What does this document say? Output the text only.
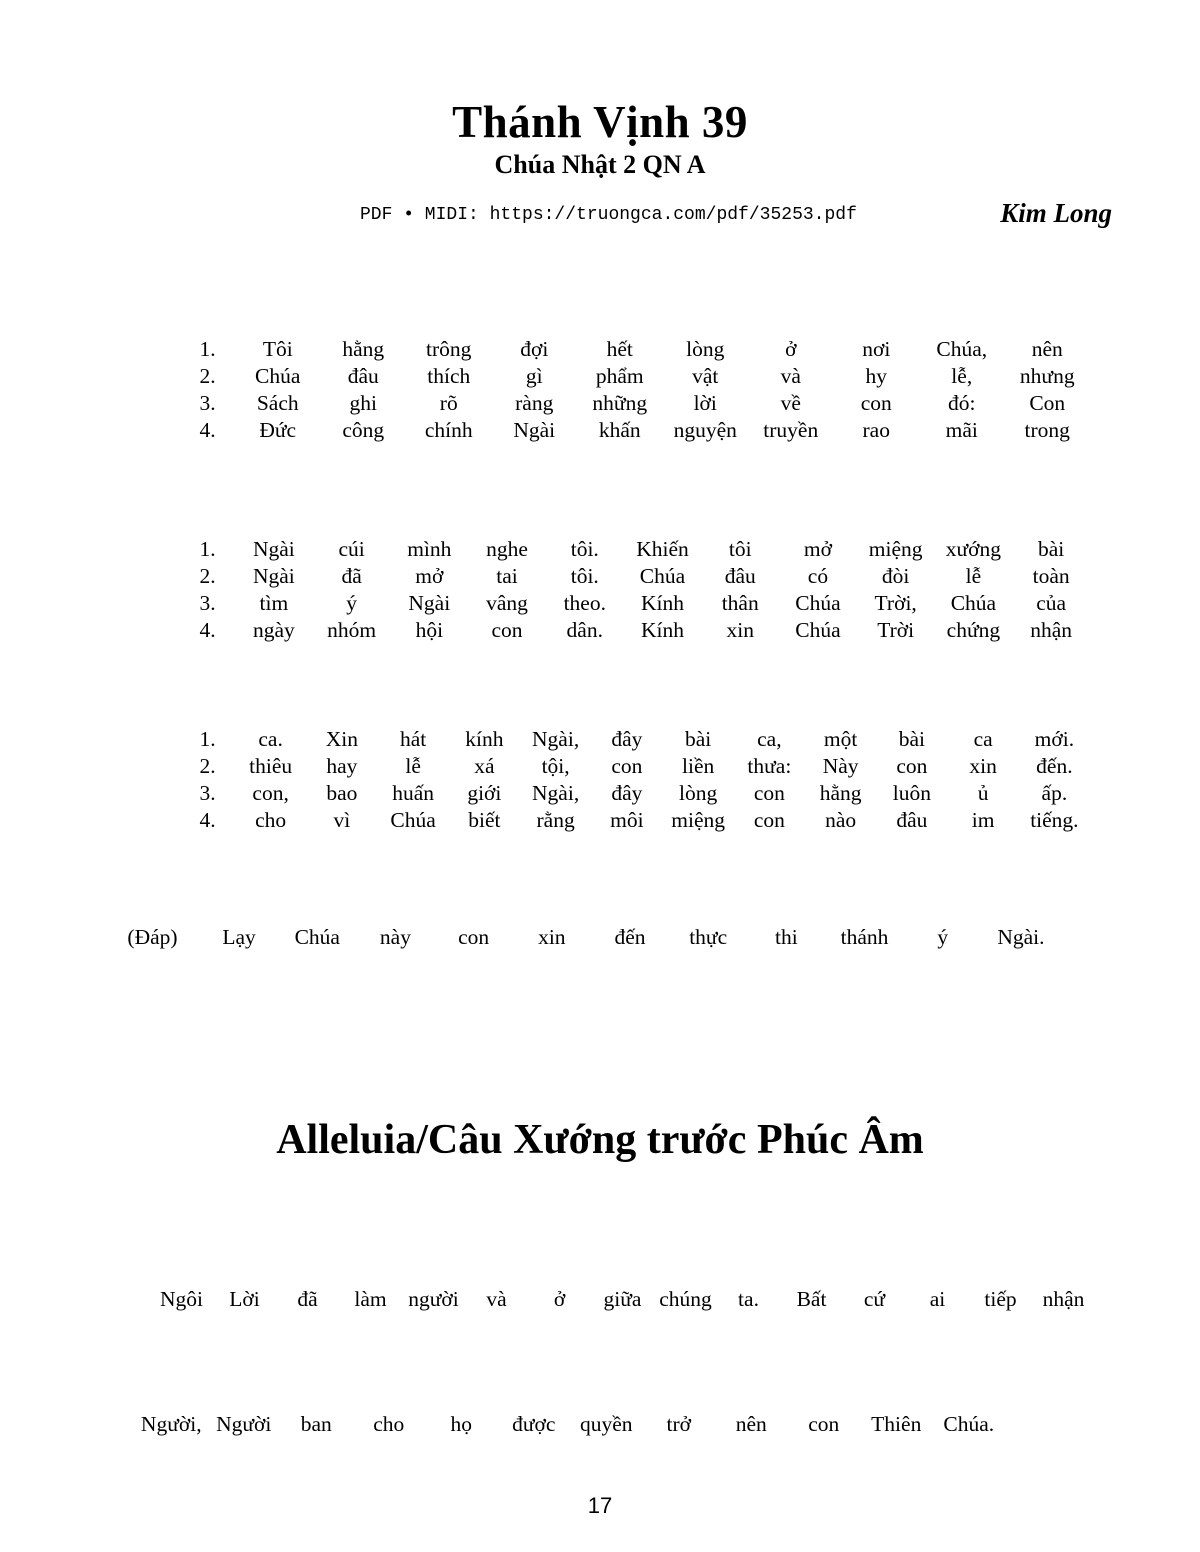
Thánh Vịnh 39
Chúa Nhật 2 QN A
PDF • MIDI: https://truongca.com/pdf/35253.pdf	Kim Long
1.	Tôi	hằng	trông	đợi	hết	lòng	ở	nơi	Chúa,	nên
2.	Chúa	đâu	thích	gì	phẩm	vật	và	hy	lễ,	nhưng
3.	Sách	ghi	rõ	ràng	những	lời	về	con	đó:	Con
4.	Đức	công	chính	Ngài	khấn	nguyện	truyền	rao	mãi	trong
1.	Ngài	cúi	mình	nghe	tôi.	Khiến	tôi	mở	miệng	xướng	bài
2.	Ngài	đã	mở	tai	tôi.	Chúa	đâu	có	đòi	lễ	toàn
3.	tìm	ý	Ngài	vâng	theo.	Kính	thân	Chúa	Trời,	Chúa	của
4.	ngày	nhóm	hội	con	dân.	Kính	xin	Chúa	Trời	chứng	nhận
1.	ca.	Xin	hát	kính	Ngài,	đây	bài	ca,	một	bài	ca	mới.
2.	thiêu	hay	lễ	xá	tội,	con	liền	thưa:	Này	con	xin	đến.
3.	con,	bao	huấn	giới	Ngài,	đây	lòng	con	hằng	luôn	ủ	ấp.
4.	cho	vì	Chúa	biết	rằng	môi	miệng	con	nào	đâu	im	tiếng.
(Đáp)	Lạy	Chúa	này	con	xin	đến	thực	thi	thánh	ý	Ngài.
Ngôi	Lời	đã	làm	người	và	ở	giữa chúng	ta.	Bất	cứ	ai	tiếp	nhận
Người, Người	ban	cho	họ	được	quyền	trở	nên	con	Thiên	Chúa.
Alleluia/Câu Xướng trước Phúc Âm
17
